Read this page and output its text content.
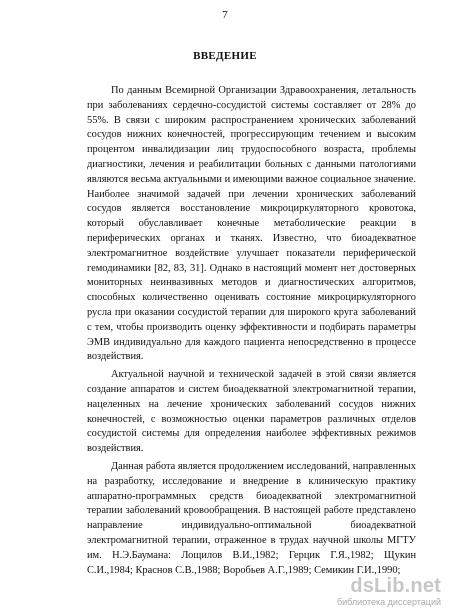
7
ВВЕДЕНИЕ

По данным Всемирной Организации Здравоохранения, летальность при заболеваниях сердечно-сосудистой системы составляет от 28% до 55%. В связи с широким распространением хронических заболеваний сосудов нижних конечностей, прогрессирующим течением и высоким процентом инвалидизации лиц трудоспособного возраста, проблемы диагностики, лечения и реабилитации больных с данными патологиями являются весьма актуальными и имеющими важное социальное значение. Наиболее значимой задачей при лечении хронических заболеваний сосудов является восстановление микроциркуляторного кровотока, который обуславливает конечные метаболические реакции в периферических органах и тканях. Известно, что биоадекватное электромагнитное воздействие улучшает показатели периферической гемодинамики [82, 83, 31]. Однако в настоящий момент нет достоверных мониторных неинвазивных методов и диагностических алгоритмов, способных количественно оценивать состояние микроциркуляторного русла при оказании сосудистой терапии для широкого круга заболеваний с тем, чтобы производить оценку эффективности и подбирать параметры ЭМВ индивидуально для каждого пациента непосредственно в процессе воздействия.

Актуальной научной и технической задачей в этой связи является создание аппаратов и систем биоадекватной электромагнитной терапии, нацеленных на лечение хронических заболеваний сосудов нижних конечностей, с возможностью оценки параметров различных отделов сосудистой системы для определения наиболее эффективных режимов воздействия.

Данная работа является продолжением исследований, направленных на разработку, исследование и внедрение в клиническую практику аппаратно-программных средств биоадекватной электромагнитной терапии заболеваний кровообращения. В настоящей работе представлено направление индивидуально-оптимальной биоадекватной электромагнитной терапии, отраженное в трудах научной школы МГТУ им. Н.Э.Баумана: Лощилов В.И.,1982; Герцик Г.Я.,1982; Щукин С.И.,1984; Краснов С.В.,1988; Воробьев А.Г.,1989; Семикин Г.И.,1990;

dsLib.net
библиотека диссертаций
